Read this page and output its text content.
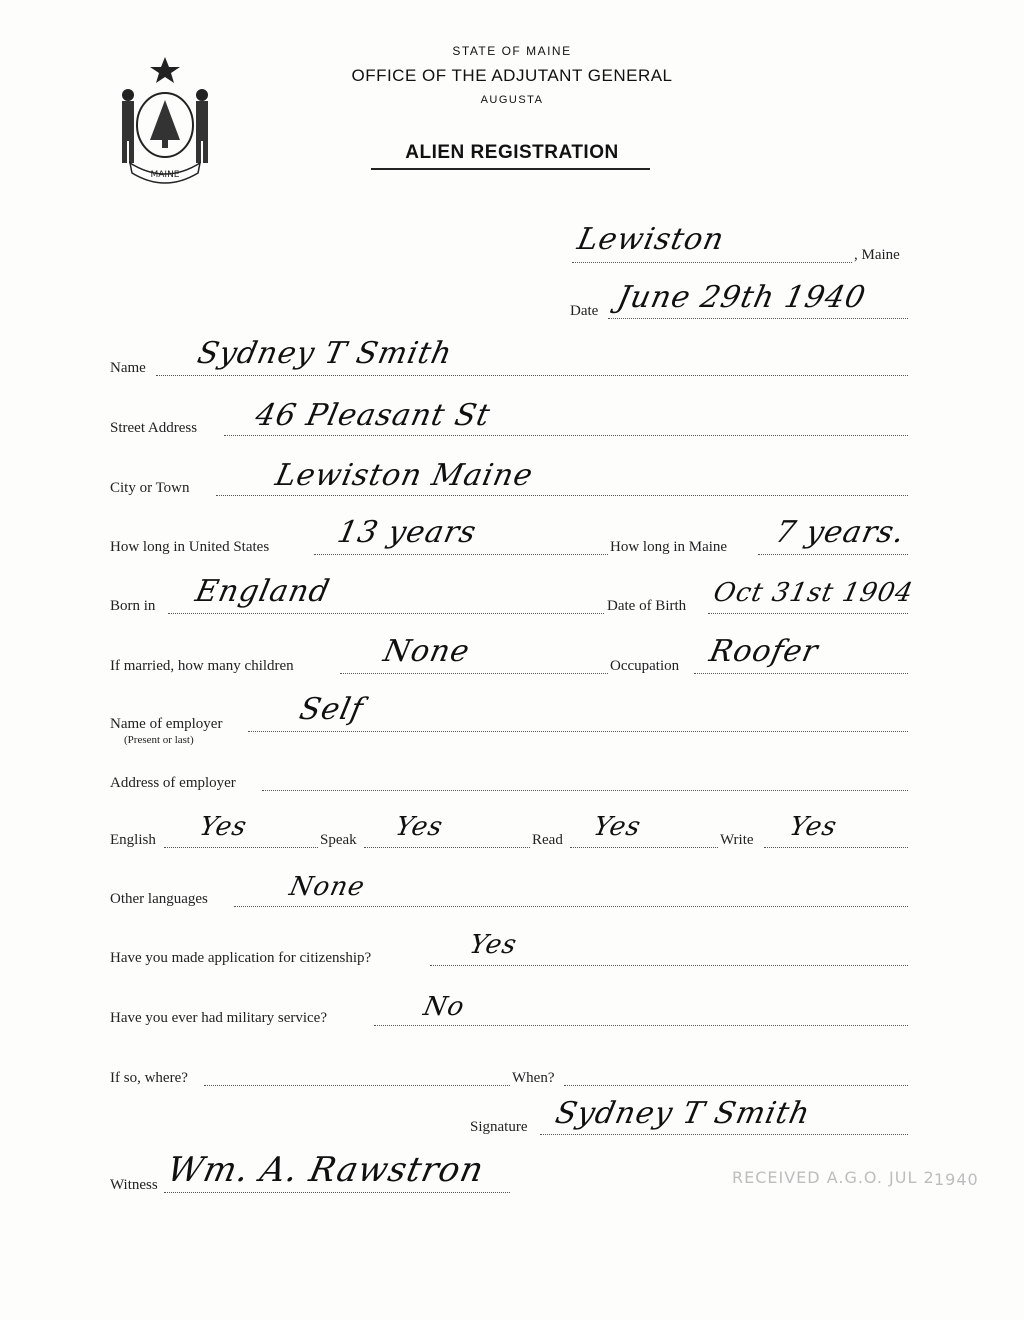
MAINE
STATE OF MAINE
OFFICE OF THE ADJUTANT GENERAL
AUGUSTA
ALIEN REGISTRATION
Lewiston	, Maine
Date June 29th 1940
Name Sydney T Smith
Street Address 46 Pleasant St
City or Town	Lewiston Maine
How long in United States 13 years	How long in Maine 7 years.
Born in England	Date of Birth Oct 31st 1904
If married, how many children	None	Occupation Roofer
Name of employer
(Present or last)
Self
Address of employer
English Yes	Speak Yes	Read Yes	Write Yes
Other languages	None
Have you made application for citizenship?	Yes
Have you ever had military service?	No
If so, where?	When?
Signature Sydney T Smith
Witness Wm. A. Rawstron	RECEIVED A.G.O. JUL 2 1940
